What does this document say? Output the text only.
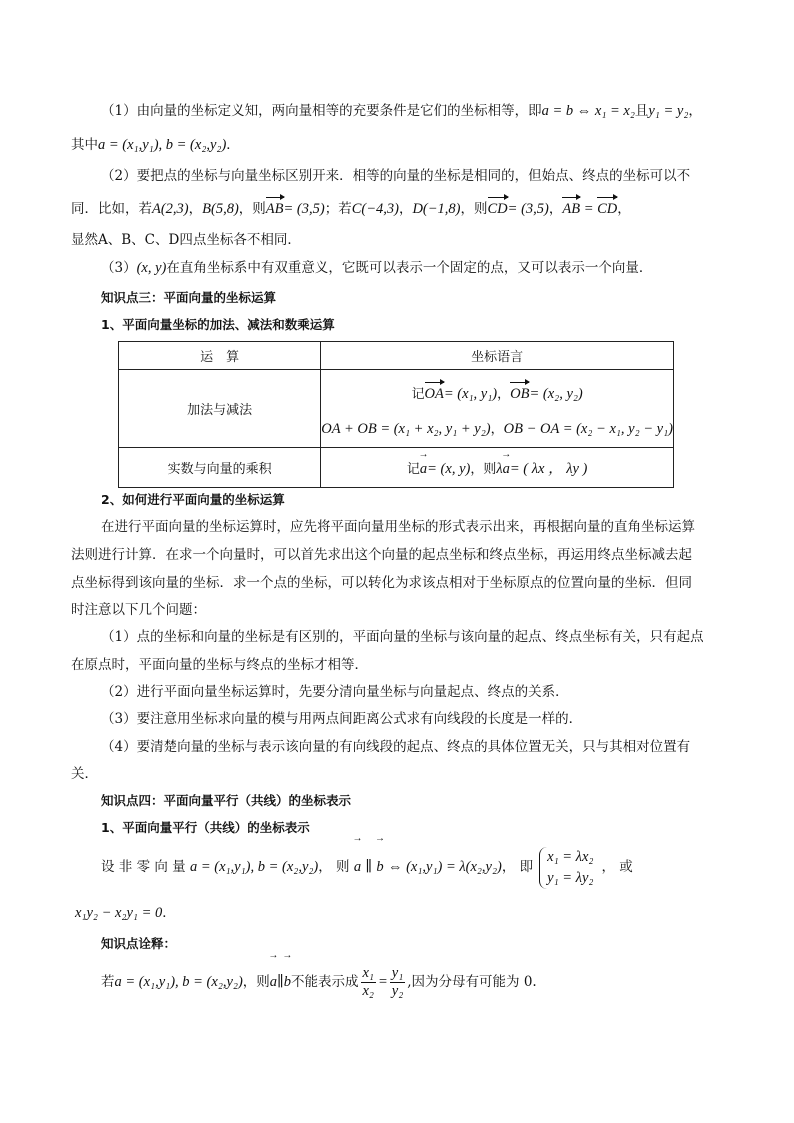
（1）由向量的坐标定义知，两向量相等的充要条件是它们的坐标相等，即a = b ⇔ x₁ = x₂且y₁ = y₂，
其中a = (x₁,y₁), b = (x₂,y₂)．
（2）要把点的坐标与向量坐标区别开来．相等的向量的坐标是相同的，但始点、终点的坐标可以不
同．比如，若A(2,3)，B(5,8)，则AB= (3,5)；若C(−4,3)，D(−1,8)，则CD= (3,5)，AB = CD，
显然A、B、C、D四点坐标各不相同．
（3）(x, y)在直角坐标系中有双重意义，它既可以表示一个固定的点，又可以表示一个向量．
知识点三：平面向量的坐标运算
1、平面向量坐标的加法、减法和数乘运算
运　算	坐标语言
加法与减法	记OA= (x₁, y₁)，OB= (x₂, y₂)
OA + OB = (x₁ + x₂, y₁ + y₂)，OB − OA = (x₂ − x₁, y₂ − y₁)

实数与向量的乘积	记→ a= (x, y)，则λ→ a= ( λx ， λy )
2、如何进行平面向量的坐标运算
在进行平面向量的坐标运算时，应先将平面向量用坐标的形式表示出来，再根据向量的直角坐标运算
法则进行计算．在求一个向量时，可以首先求出这个向量的起点坐标和终点坐标，再运用终点坐标减去起
点坐标得到该向量的坐标．求一个点的坐标，可以转化为求该点相对于坐标原点的位置向量的坐标．但同
时注意以下几个问题：
（1）点的坐标和向量的坐标是有区别的，平面向量的坐标与该向量的起点、终点坐标有关，只有起点
在原点时，平面向量的坐标与终点的坐标才相等．
（2）进行平面向量坐标运算时，先要分清向量坐标与向量起点、终点的关系．
（3）要注意用坐标求向量的模与用两点间距离公式求有向线段的长度是一样的．
（4）要清楚向量的坐标与表示该向量的有向线段的起点、终点的具体位置无关，只与其相对位置有
关．
知识点四：平面向量平行（共线）的坐标表示
1、平面向量平行（共线）的坐标表示
设 非 零 向 量 a = (x₁,y₁), b = (x₂,y₂)， 则 → a ∥ → b ⇔ (x₁,y₁) = λ(x₂,y₂)， 即
x₁ = λx₂
y₁ = λy₂
， 或
x₁y₂ − x₂y₁ = 0．
知识点诠释：
若a = (x₁,y₁), b = (x₂,y₂)，则→ a∥→ b不能表示成 $\frac{\text{x₁}}{\text{x₂}} = \frac{\text{y₁}}{\text{y₂}}$ ,因为分母有可能为 0.
